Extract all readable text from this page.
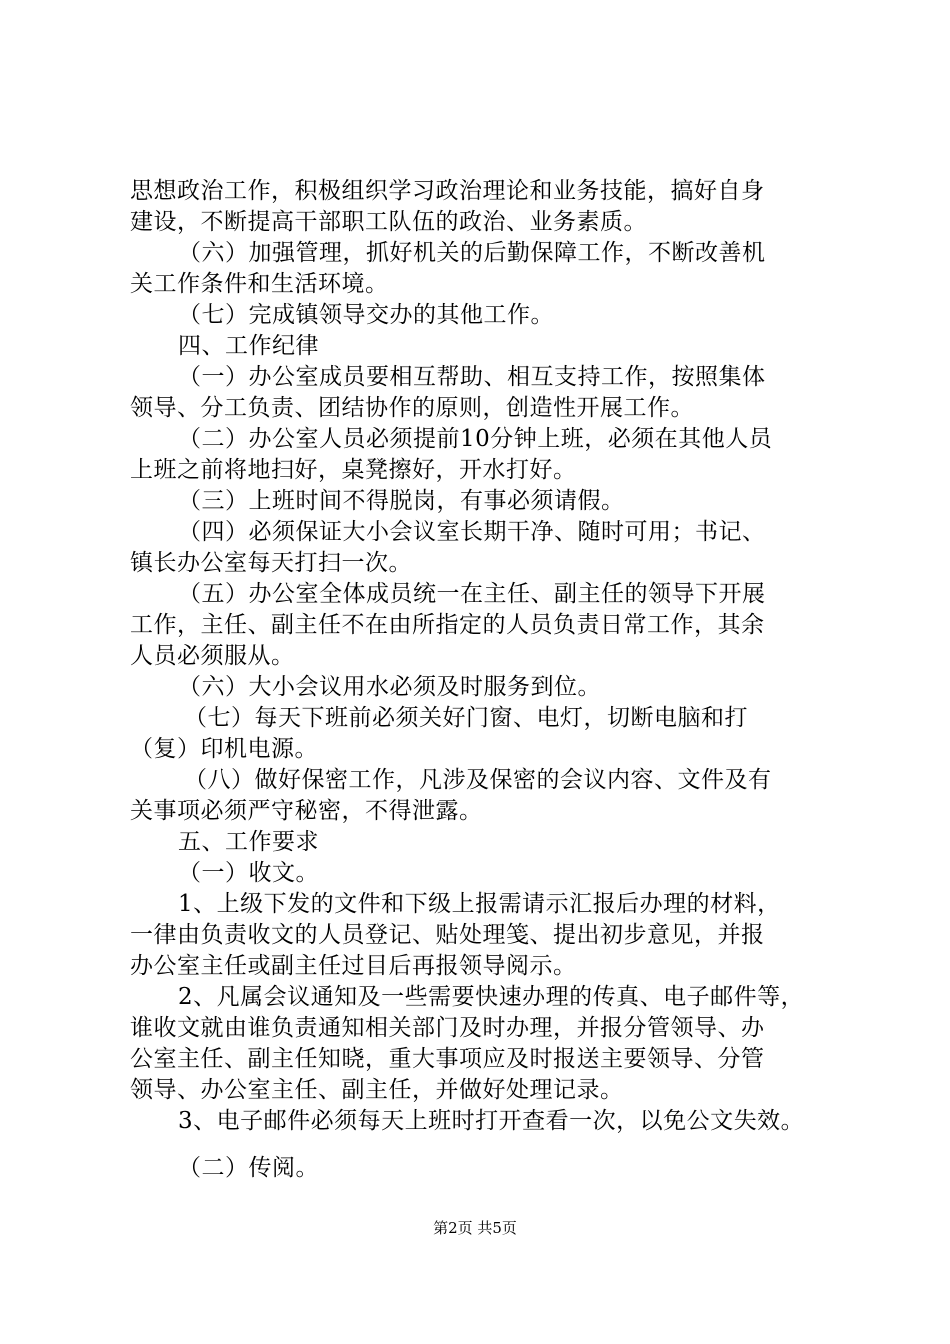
思想政治工作，积极组织学习政治理论和业务技能，搞好自身
建设，不断提高干部职工队伍的政治、业务素质。
（六）加强管理，抓好机关的后勤保障工作，不断改善机
关工作条件和生活环境。
（七）完成镇领导交办的其他工作。
四、工作纪律
（一）办公室成员要相互帮助、相互支持工作，按照集体
领导、分工负责、团结协作的原则，创造性开展工作。
（二）办公室人员必须提前10分钟上班，必须在其他人员
上班之前将地扫好，桌凳擦好，开水打好。
（三）上班时间不得脱岗，有事必须请假。
（四）必须保证大小会议室长期干净、随时可用；书记、
镇长办公室每天打扫一次。
（五）办公室全体成员统一在主任、副主任的领导下开展
工作，主任、副主任不在由所指定的人员负责日常工作，其余
人员必须服从。
（六）大小会议用水必须及时服务到位。
（七）每天下班前必须关好门窗、电灯，切断电脑和打
（复）印机电源。
（八）做好保密工作，凡涉及保密的会议内容、文件及有
关事项必须严守秘密，不得泄露。
五、工作要求
（一）收文。
1、上级下发的文件和下级上报需请示汇报后办理的材料，
一律由负责收文的人员登记、贴处理笺、提出初步意见，并报
办公室主任或副主任过目后再报领导阅示。
2、凡属会议通知及一些需要快速办理的传真、电子邮件等，
谁收文就由谁负责通知相关部门及时办理，并报分管领导、办
公室主任、副主任知晓，重大事项应及时报送主要领导、分管
领导、办公室主任、副主任，并做好处理记录。
3、电子邮件必须每天上班时打开查看一次，以免公文失效。
（二）传阅。
第2页 共5页
